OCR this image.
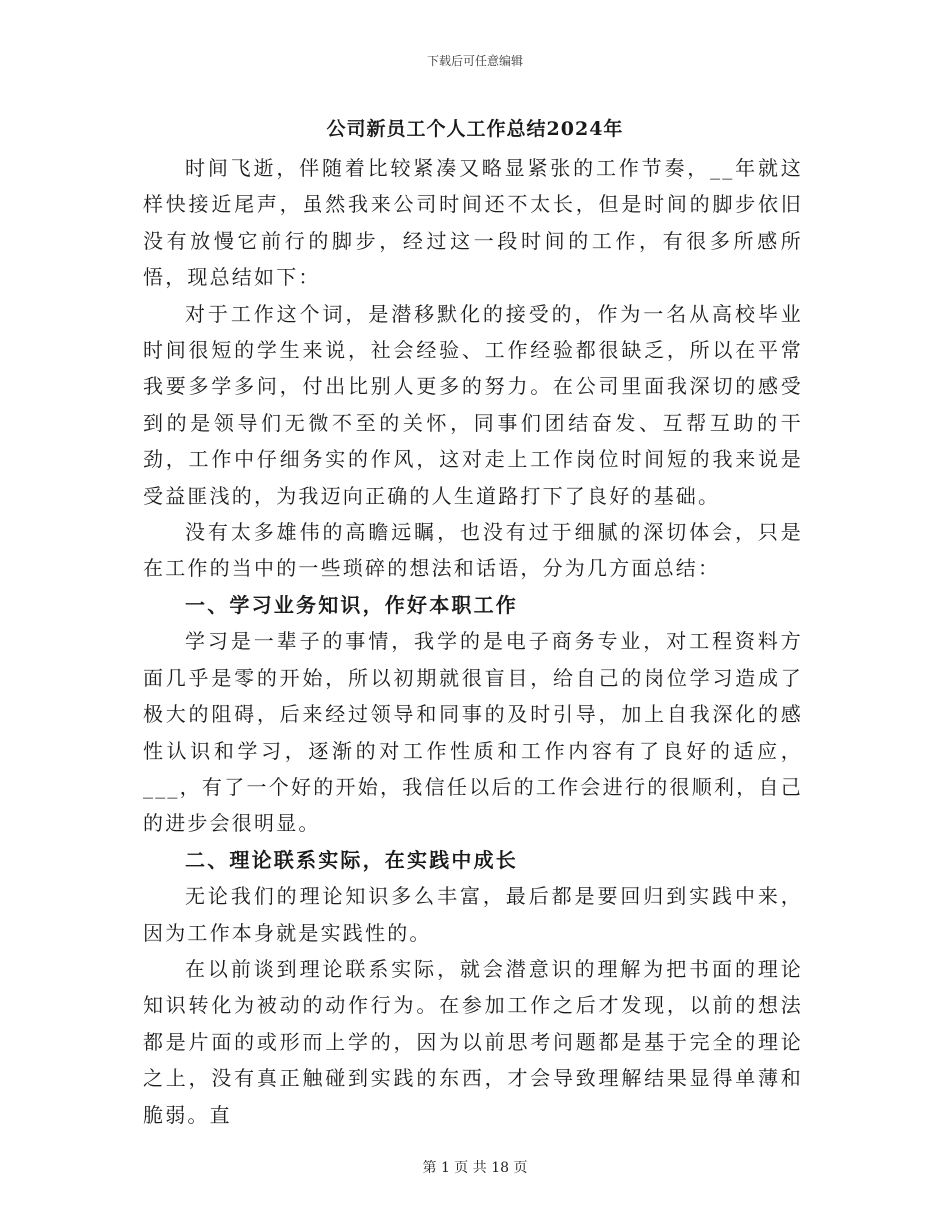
下载后可任意编辑
公司新员工个人工作总结2024年

时间飞逝，伴随着比较紧凑又略显紧张的工作节奏，__年就这样快接近尾声，虽然我来公司时间还不太长，但是时间的脚步依旧没有放慢它前行的脚步，经过这一段时间的工作，有很多所感所悟，现总结如下：

对于工作这个词，是潜移默化的接受的，作为一名从高校毕业时间很短的学生来说，社会经验、工作经验都很缺乏，所以在平常我要多学多问，付出比别人更多的努力。在公司里面我深切的感受到的是领导们无微不至的关怀，同事们团结奋发、互帮互助的干劲，工作中仔细务实的作风，这对走上工作岗位时间短的我来说是受益匪浅的，为我迈向正确的人生道路打下了良好的基础。

没有太多雄伟的高瞻远瞩，也没有过于细腻的深切体会，只是在工作的当中的一些琐碎的想法和话语，分为几方面总结：

一、学习业务知识，作好本职工作

学习是一辈子的事情，我学的是电子商务专业，对工程资料方面几乎是零的开始，所以初期就很盲目，给自己的岗位学习造成了极大的阻碍，后来经过领导和同事的及时引导，加上自我深化的感性认识和学习，逐渐的对工作性质和工作内容有了良好的适应，___，有了一个好的开始，我信任以后的工作会进行的很顺利，自己的进步会很明显。

二、理论联系实际，在实践中成长

无论我们的理论知识多么丰富，最后都是要回归到实践中来，因为工作本身就是实践性的。

在以前谈到理论联系实际，就会潜意识的理解为把书面的理论知识转化为被动的动作行为。在参加工作之后才发现，以前的想法都是片面的或形而上学的，因为以前思考问题都是基于完全的理论之上，没有真正触碰到实践的东西，才会导致理解结果显得单薄和脆弱。直

第 1 页 共 18 页
